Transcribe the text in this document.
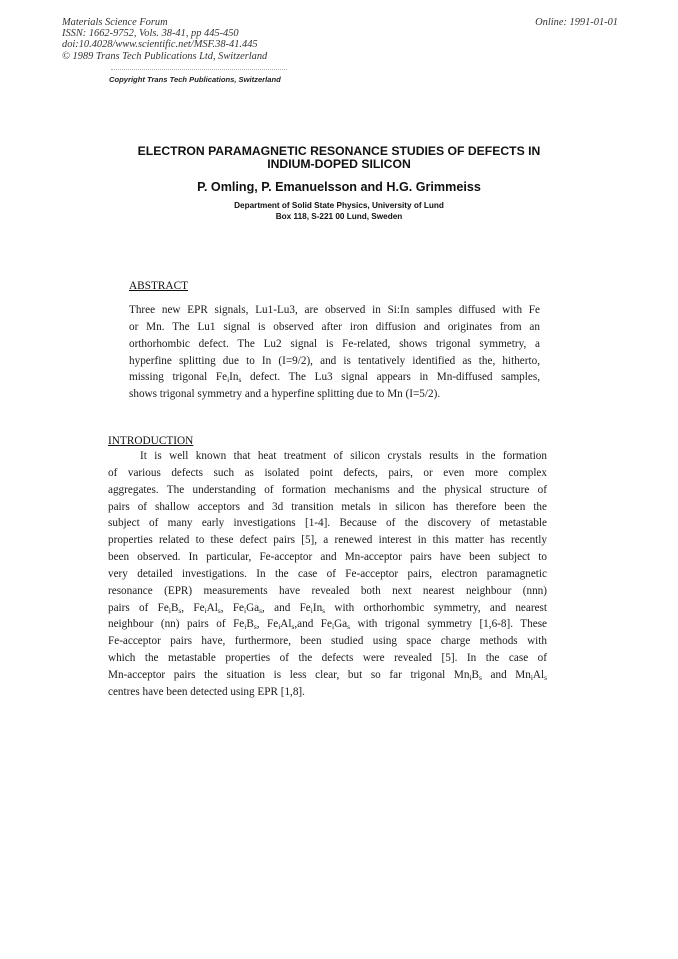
Materials Science Forum
ISSN: 1662-9752, Vols. 38-41, pp 445-450
doi:10.4028/www.scientific.net/MSF.38-41.445
© 1989 Trans Tech Publications Ltd, Switzerland
Online: 1991-01-01
Copyright Trans Tech Publications, Switzerland
ELECTRON PARAMAGNETIC RESONANCE STUDIES OF DEFECTS IN
INDIUM-DOPED SILICON
P. Omling, P. Emanuelsson and H.G. Grimmeiss
Department of Solid State Physics, University of Lund
Box 118, S-221 00 Lund, Sweden
ABSTRACT
Three new EPR signals, Lu1-Lu3, are observed in Si:In samples diffused with Fe
or Mn. The Lu1 signal is observed after iron diffusion and originates from an
orthorhombic defect. The Lu2 signal is Fe-related, shows trigonal symmetry, a
hyperfine splitting due to In (I=9/2), and is tentatively identified as the, hitherto,
missing trigonal $Fe_iIn_s$ defect. The Lu3 signal appears in Mn-diffused samples,
shows trigonal symmetry and a hyperfine splitting due to Mn (I=5/2).
INTRODUCTION
It is well known that heat treatment of silicon crystals results in the formation
of various defects such as isolated point defects, pairs, or even more complex
aggregates. The understanding of formation mechanisms and the physical structure of
pairs of shallow acceptors and 3d transition metals in silicon has therefore been the
subject of many early investigations [1-4]. Because of the discovery of metastable
properties related to these defect pairs [5], a renewed interest in this matter has recently
been observed. In particular, Fe-acceptor and Mn-acceptor pairs have been subject to
very detailed investigations. In the case of Fe-acceptor pairs, electron paramagnetic
resonance (EPR) measurements have revealed both next nearest neighbour (nnn)
pairs of $Fe_iB_s$, $Fe_iAl_s$, $Fe_iGa_s$, and $Fe_iIn_s$ with orthorhombic symmetry, and nearest
neighbour (nn) pairs of $Fe_iB_s$, $Fe_iAl_s,and$ $Fe_iGa_s$ with trigonal symmetry [1,6-8]. These
Fe-acceptor pairs have, furthermore, been studied using space charge methods with
which the metastable properties of the defects were revealed [5]. In the case of
Mn-acceptor pairs the situation is less clear, but so far trigonal $Mn_iB_s$ and $Mn_iAl_s$
centres have been detected using EPR [1,8].
